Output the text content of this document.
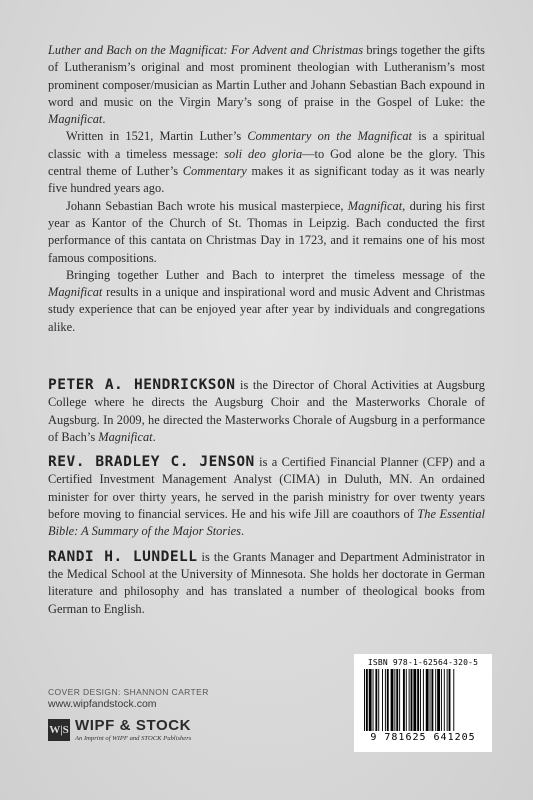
Luther and Bach on the Magnificat: For Advent and Christmas brings together the gifts of Lutheranism’s original and most prominent theologian with Lutheranism’s most prominent composer/musician as Martin Luther and Johann Sebastian Bach expound in word and music on the Virgin Mary’s song of praise in the Gospel of Luke: the Magnificat.

Written in 1521, Martin Luther’s Commentary on the Magnificat is a spiritual classic with a timeless message: soli deo gloria—to God alone be the glory. This central theme of Luther’s Commentary makes it as significant today as it was nearly five hundred years ago.

Johann Sebastian Bach wrote his musical masterpiece, Magnificat, during his first year as Kantor of the Church of St. Thomas in Leipzig. Bach conducted the first performance of this cantata on Christmas Day in 1723, and it remains one of his most famous compositions.

Bringing together Luther and Bach to interpret the timeless message of the Magnificat results in a unique and inspirational word and music Advent and Christmas study experience that can be enjoyed year after year by individuals and congregations alike.

PETER A. HENDRICKSON is the Director of Choral Activities at Augsburg College where he directs the Augsburg Choir and the Masterworks Chorale of Augsburg. In 2009, he directed the Masterworks Chorale of Augsburg in a performance of Bach’s Magnificat.

REV. BRADLEY C. JENSON is a Certified Financial Planner (CFP) and a Certified Investment Management Analyst (CIMA) in Duluth, MN. An ordained minister for over thirty years, he served in the parish ministry for over twenty years before moving to financial services. He and his wife Jill are coauthors of The Essential Bible: A Summary of the Major Stories.

RANDI H. LUNDELL is the Grants Manager and Department Administrator in the Medical School at the University of Minnesota. She holds her doctorate in German literature and philosophy and has translated a number of theological books from German to English.

COVER DESIGN: SHANNON CARTER
www.wipfandstock.com
W|S WIPF & STOCK
An Imprint of WIPF and STOCK Publishers
ISBN 978-1-62564-320-5
9 781625 641205
